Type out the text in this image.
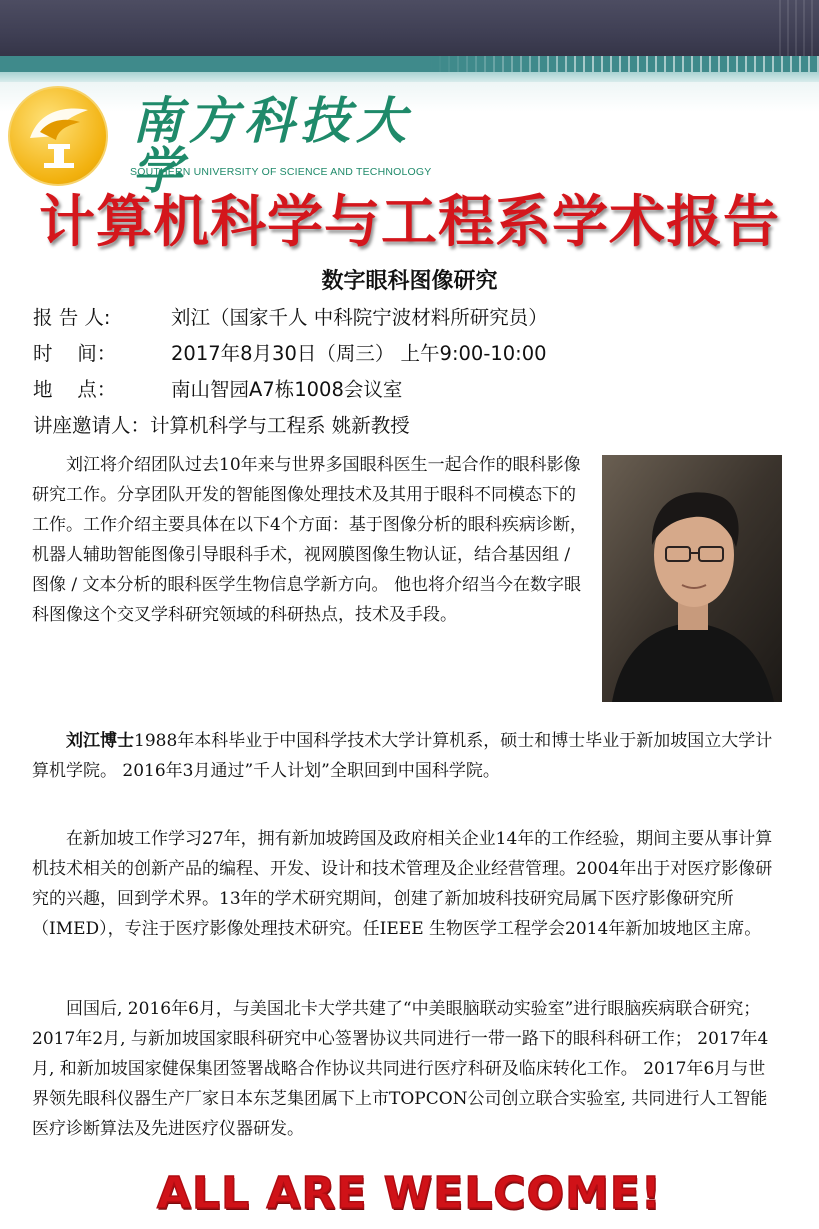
南方科技大学
SOUTHERN UNIVERSITY OF SCIENCE AND TECHNOLOGY
计算机科学与工程系学术报告
数字眼科图像研究
报 告 人:	刘江（国家千人 中科院宁波材料所研究员）
时    间：	2017年8月30日（周三） 上午9:00-10:00
地    点：	南山智园A7栋1008会议室
讲座邀请人：计算机科学与工程系 姚新教授

刘江将介绍团队过去10年来与世界多国眼科医生一起合作的眼科影像研究工作。分享团队开发的智能图像处理技术及其用于眼科不同模态下的工作。工作介绍主要具体在以下4个方面：基于图像分析的眼科疾病诊断，机器人辅助智能图像引导眼科手术，视网膜图像生物认证，结合基因组 / 图像 / 文本分析的眼科医学生物信息学新方向。 他也将介绍当今在数字眼科图像这个交叉学科研究领域的科研热点，技术及手段。

刘江博士1988年本科毕业于中国科学技术大学计算机系，硕士和博士毕业于新加坡国立大学计算机学院。 2016年3月通过”千人计划”全职回到中国科学院。

在新加坡工作学习27年，拥有新加坡跨国及政府相关企业14年的工作经验，期间主要从事计算机技术相关的创新产品的编程、开发、设计和技术管理及企业经营管理。2004年出于对医疗影像研究的兴趣，回到学术界。13年的学术研究期间，创建了新加坡科技研究局属下医疗影像研究所（IMED），专注于医疗影像处理技术研究。任IEEE 生物医学工程学会2014年新加坡地区主席。

回国后, 2016年6月，与美国北卡大学共建了“中美眼脑联动实验室”进行眼脑疾病联合研究； 2017年2月, 与新加坡国家眼科研究中心签署协议共同进行一带一路下的眼科科研工作； 2017年4月, 和新加坡国家健保集团签署战略合作协议共同进行医疗科研及临床转化工作。 2017年6月与世界领先眼科仪器生产厂家日本东芝集团属下上市TOPCON公司创立联合实验室, 共同进行人工智能医疗诊断算法及先进医疗仪器研发。

ALL ARE WELCOME!
